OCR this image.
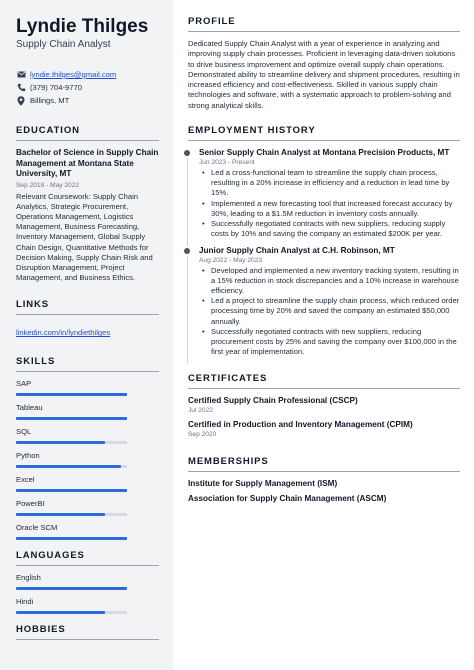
Lyndie Thilges
Supply Chain Analyst
lyndie.thilges@gmail.com
(379) 704-9770
Billings, MT
EDUCATION
Bachelor of Science in Supply Chain Management at Montana State University, MT
Sep 2018 - May 2022
Relevant Coursework: Supply Chain Analytics, Strategic Procurement, Operations Management, Logistics Management, Business Forecasting, Inventory Management, Global Supply Chain Design, Quantitative Methods for Decision Making, Supply Chain Risk and Disruption Management, Project Management, and Business Ethics.
LINKS
linkedin.com/in/lyndiethilges
SKILLS
SAP
Tableau
SQL
Python
Excel
PowerBI
Oracle SCM
LANGUAGES
English
Hindi
HOBBIES
PROFILE
Dedicated Supply Chain Analyst with a year of experience in analyzing and improving supply chain processes. Proficient in leveraging data-driven solutions to drive business improvement and optimize overall supply chain operations. Demonstrated ability to streamline delivery and shipment procedures, resulting in increased efficiency and cost-effectiveness. Skilled in various supply chain technologies and software, with a systematic approach to problem-solving and strong analytical skills.
EMPLOYMENT HISTORY
Senior Supply Chain Analyst at Montana Precision Products, MT
Jun 2023 - Present
• Led a cross-functional team to streamline the supply chain process, resulting in a 20% increase in efficiency and a reduction in lead time by 15%.
• Implemented a new forecasting tool that increased forecast accuracy by 30%, leading to a $1.5M reduction in inventory costs annually.
• Successfully negotiated contracts with new suppliers, reducing supply costs by 10% and saving the company an estimated $200K per year.
Junior Supply Chain Analyst at C.H. Robinson, MT
Aug 2022 - May 2023
• Developed and implemented a new inventory tracking system, resulting in a 15% reduction in stock discrepancies and a 10% increase in warehouse efficiency.
• Led a project to streamline the supply chain process, which reduced order processing time by 20% and saved the company an estimated $50,000 annually.
• Successfully negotiated contracts with new suppliers, reducing procurement costs by 25% and saving the company over $100,000 in the first year of implementation.
CERTIFICATES
Certified Supply Chain Professional (CSCP)
Jul 2022
Certified in Production and Inventory Management (CPIM)
Sep 2020
MEMBERSHIPS
Institute for Supply Management (ISM)
Association for Supply Chain Management (ASCM)
